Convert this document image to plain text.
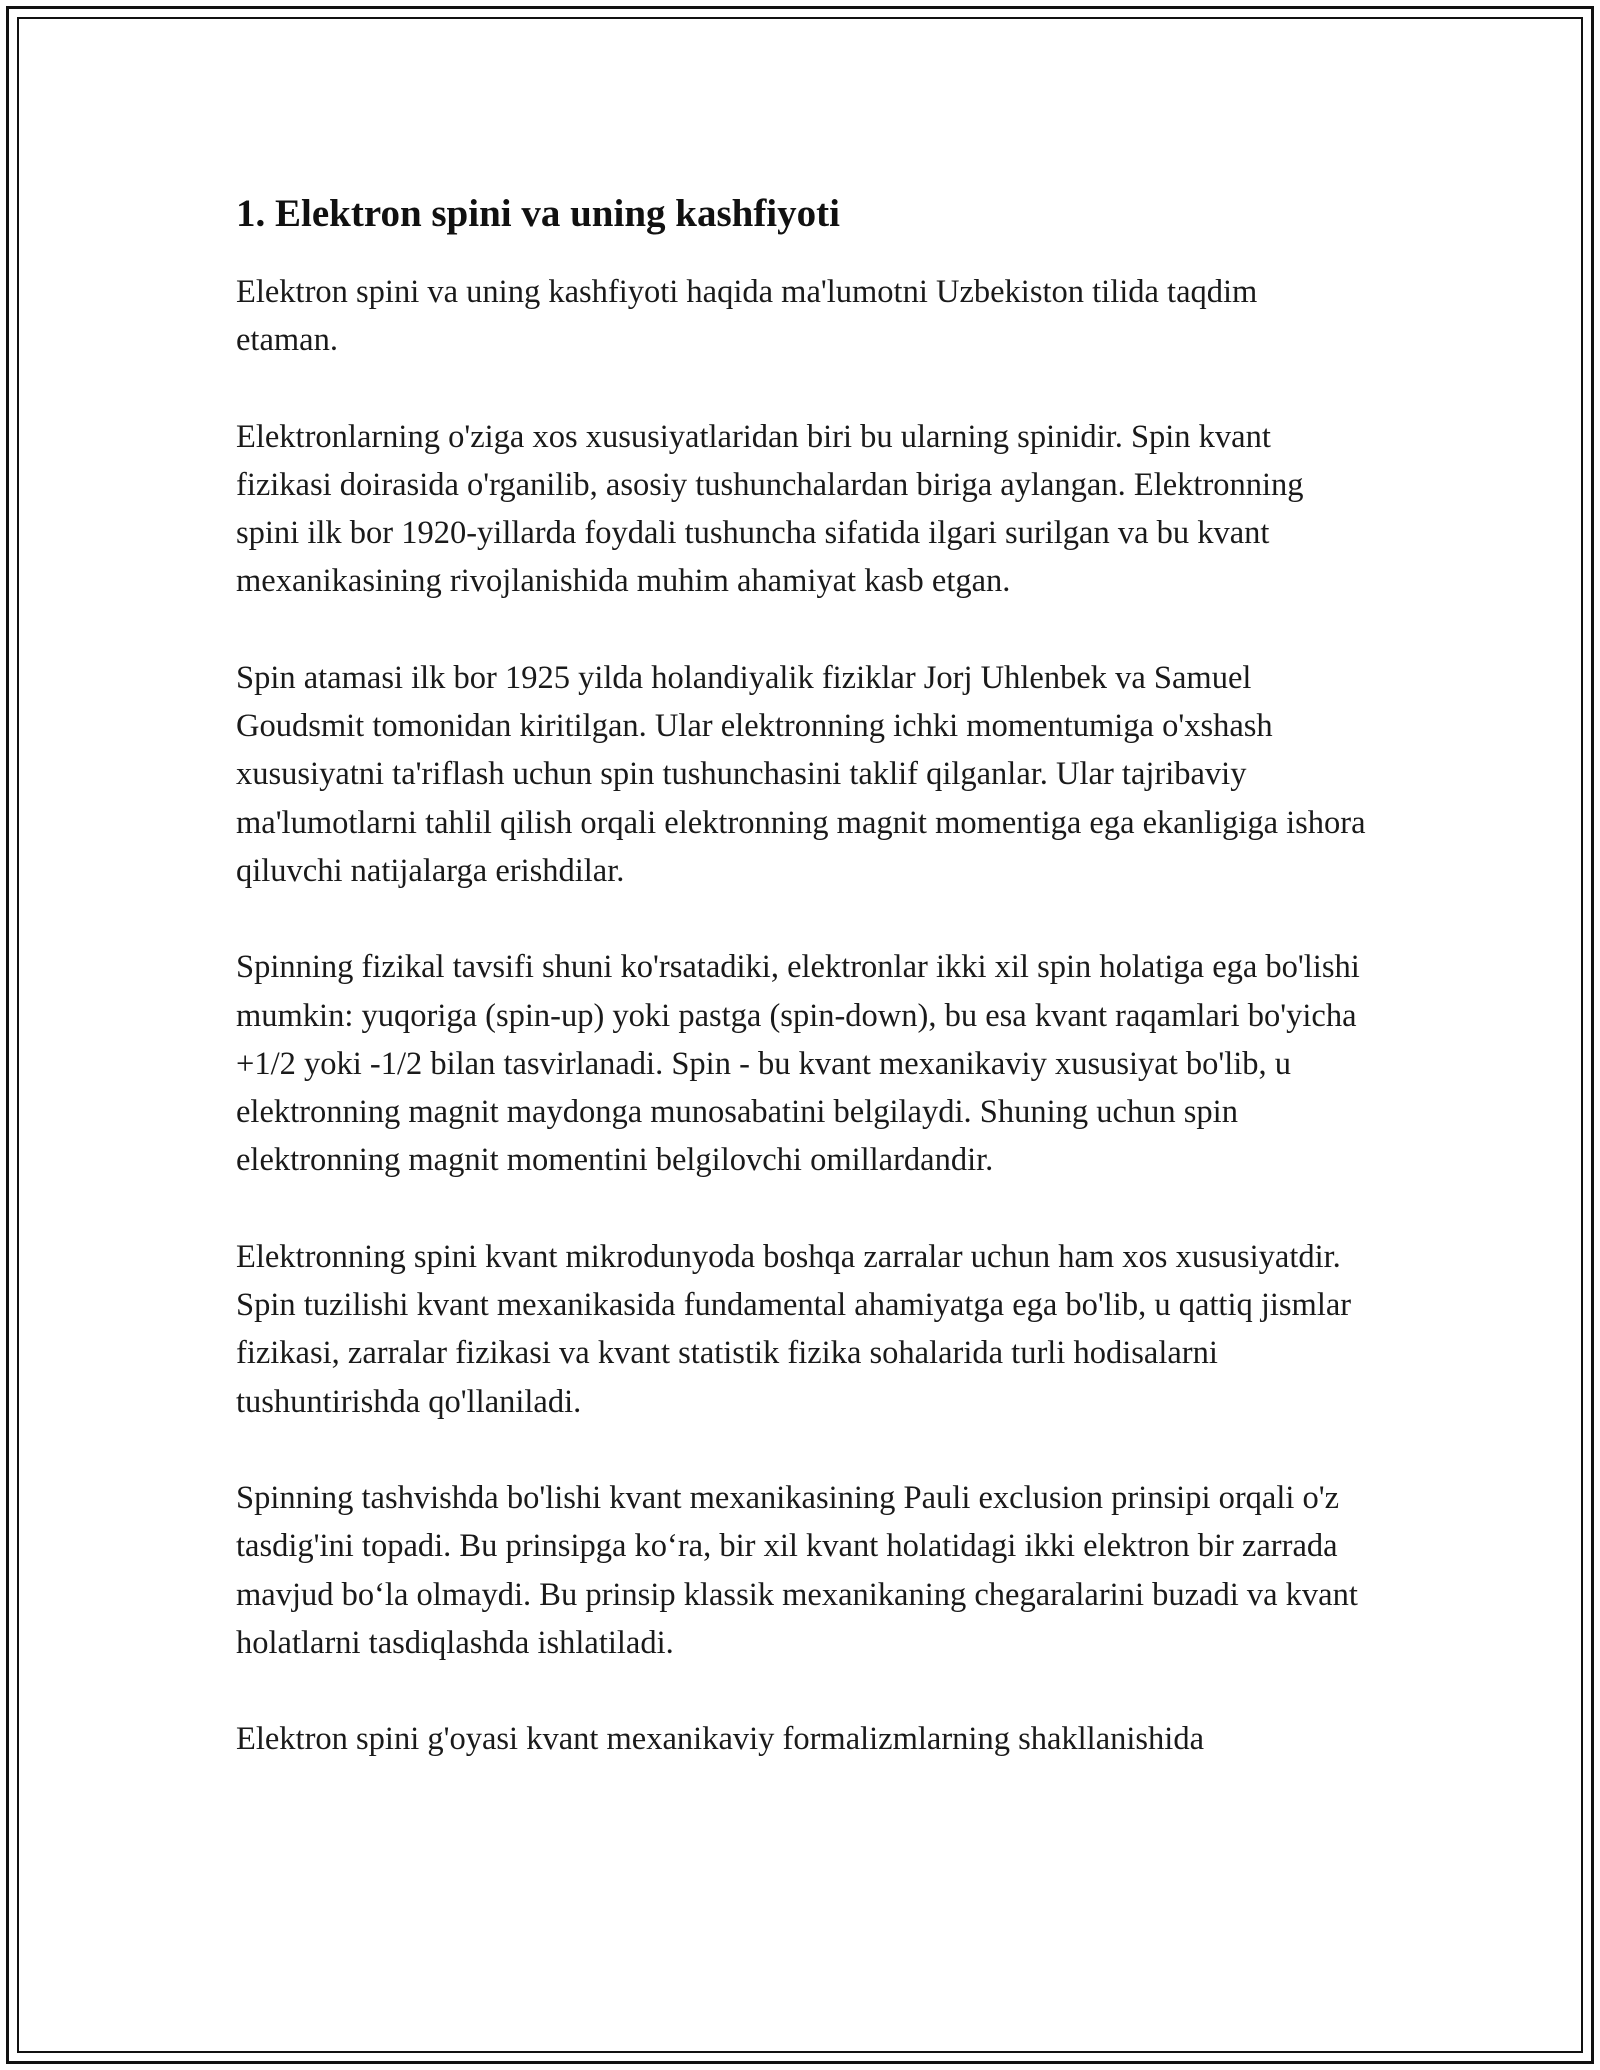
1. Elektron spini va uning kashfiyoti

Elektron spini va uning kashfiyoti haqida ma'lumotni Uzbekiston tilida taqdim etaman.

Elektronlarning o'ziga xos xususiyatlaridan biri bu ularning spinidir. Spin kvant fizikasi doirasida o'rganilib, asosiy tushunchalardan biriga aylangan. Elektronning spini ilk bor 1920-yillarda foydali tushuncha sifatida ilgari surilgan va bu kvant mexanikasining rivojlanishida muhim ahamiyat kasb etgan.

Spin atamasi ilk bor 1925 yilda holandiyalik fiziklar Jorj Uhlenbek va Samuel Goudsmit tomonidan kiritilgan. Ular elektronning ichki momentumiga o'xshash xususiyatni ta'riflash uchun spin tushunchasini taklif qilganlar. Ular tajribaviy ma'lumotlarni tahlil qilish orqali elektronning magnit momentiga ega ekanligiga ishora qiluvchi natijalarga erishdilar.

Spinning fizikal tavsifi shuni ko'rsatadiki, elektronlar ikki xil spin holatiga ega bo'lishi mumkin: yuqoriga (spin-up) yoki pastga (spin-down), bu esa kvant raqamlari bo'yicha +1/2 yoki -1/2 bilan tasvirlanadi. Spin - bu kvant mexanikaviy xususiyat bo'lib, u elektronning magnit maydonga munosabatini belgilaydi. Shuning uchun spin elektronning magnit momentini belgilovchi omillardandir.

Elektronning spini kvant mikrodunyoda boshqa zarralar uchun ham xos xususiyatdir. Spin tuzilishi kvant mexanikasida fundamental ahamiyatga ega bo'lib, u qattiq jismlar fizikasi, zarralar fizikasi va kvant statistik fizika sohalarida turli hodisalarni tushuntirishda qo'llaniladi.

Spinning tashvishda bo'lishi kvant mexanikasining Pauli exclusion prinsipi orqali o'z tasdig'ini topadi. Bu prinsipga ko‘ra, bir xil kvant holatidagi ikki elektron bir zarrada mavjud bo‘la olmaydi. Bu prinsip klassik mexanikaning chegaralarini buzadi va kvant holatlarni tasdiqlashda ishlatiladi.

Elektron spini g'oyasi kvant mexanikaviy formalizmlarning shakllanishida
